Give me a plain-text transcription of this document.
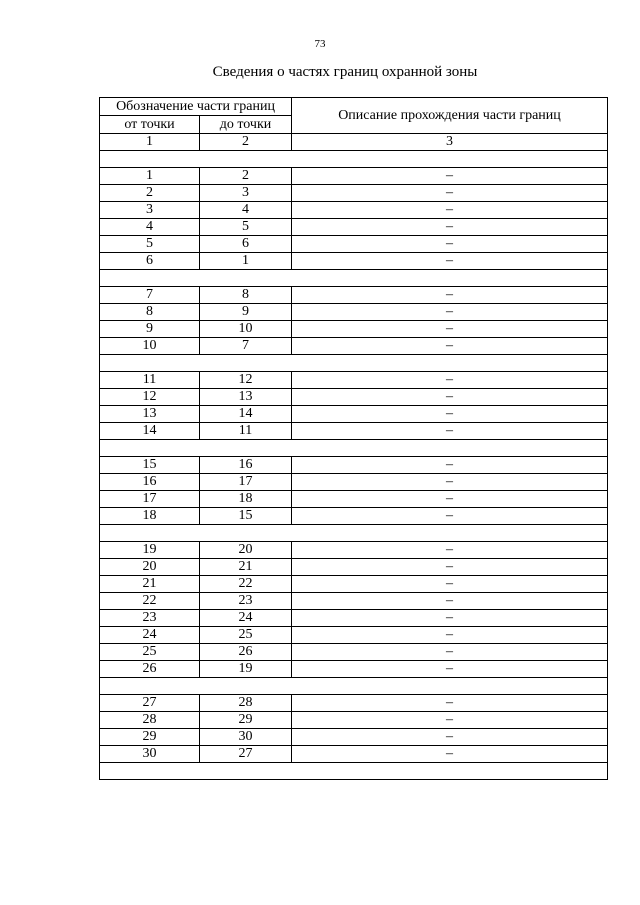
73
Сведения о частях границ охранной зоны
Обозначение части границ		Описание прохождения части границ
от точки	до точки	
1	2	3

1	2	–
2	3	–
3	4	–
4	5	–
5	6	–
6	1	–

7	8	–
8	9	–
9	10	–
10	7	–

11	12	–
12	13	–
13	14	–
14	11	–

15	16	–
16	17	–
17	18	–
18	15	–

19	20	–
20	21	–
21	22	–
22	23	–
23	24	–
24	25	–
25	26	–
26	19	–

27	28	–
28	29	–
29	30	–
30	27	–
